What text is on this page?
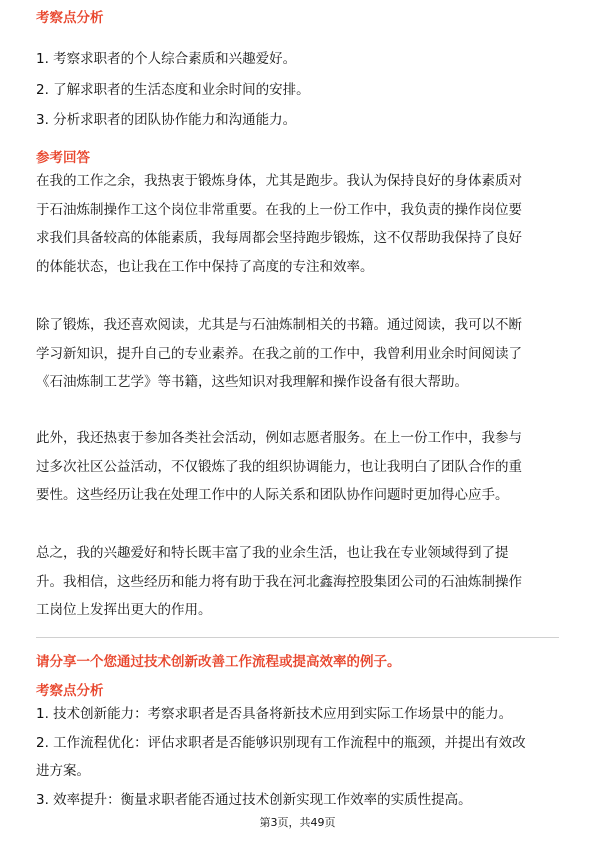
考察点分析
1. 考察求职者的个人综合素质和兴趣爱好。
2. 了解求职者的生活态度和业余时间的安排。
3. 分析求职者的团队协作能力和沟通能力。
参考回答
在我的工作之余，我热衷于锻炼身体，尤其是跑步。我认为保持良好的身体素质对
于石油炼制操作工这个岗位非常重要。在我的上一份工作中，我负责的操作岗位要
求我们具备较高的体能素质，我每周都会坚持跑步锻炼，这不仅帮助我保持了良好
的体能状态，也让我在工作中保持了高度的专注和效率。
除了锻炼，我还喜欢阅读，尤其是与石油炼制相关的书籍。通过阅读，我可以不断
学习新知识，提升自己的专业素养。在我之前的工作中，我曾利用业余时间阅读了
《石油炼制工艺学》等书籍，这些知识对我理解和操作设备有很大帮助。
此外，我还热衷于参加各类社会活动，例如志愿者服务。在上一份工作中，我参与
过多次社区公益活动，不仅锻炼了我的组织协调能力，也让我明白了团队合作的重
要性。这些经历让我在处理工作中的人际关系和团队协作问题时更加得心应手。
总之，我的兴趣爱好和特长既丰富了我的业余生活，也让我在专业领域得到了提
升。我相信，这些经历和能力将有助于我在河北鑫海控股集团公司的石油炼制操作
工岗位上发挥出更大的作用。
请分享一个您通过技术创新改善工作流程或提高效率的例子。
考察点分析
1. 技术创新能力：考察求职者是否具备将新技术应用到实际工作场景中的能力。
2. 工作流程优化：评估求职者是否能够识别现有工作流程中的瓶颈，并提出有效改
进方案。
3. 效率提升：衡量求职者能否通过技术创新实现工作效率的实质性提高。
第3页，共49页
